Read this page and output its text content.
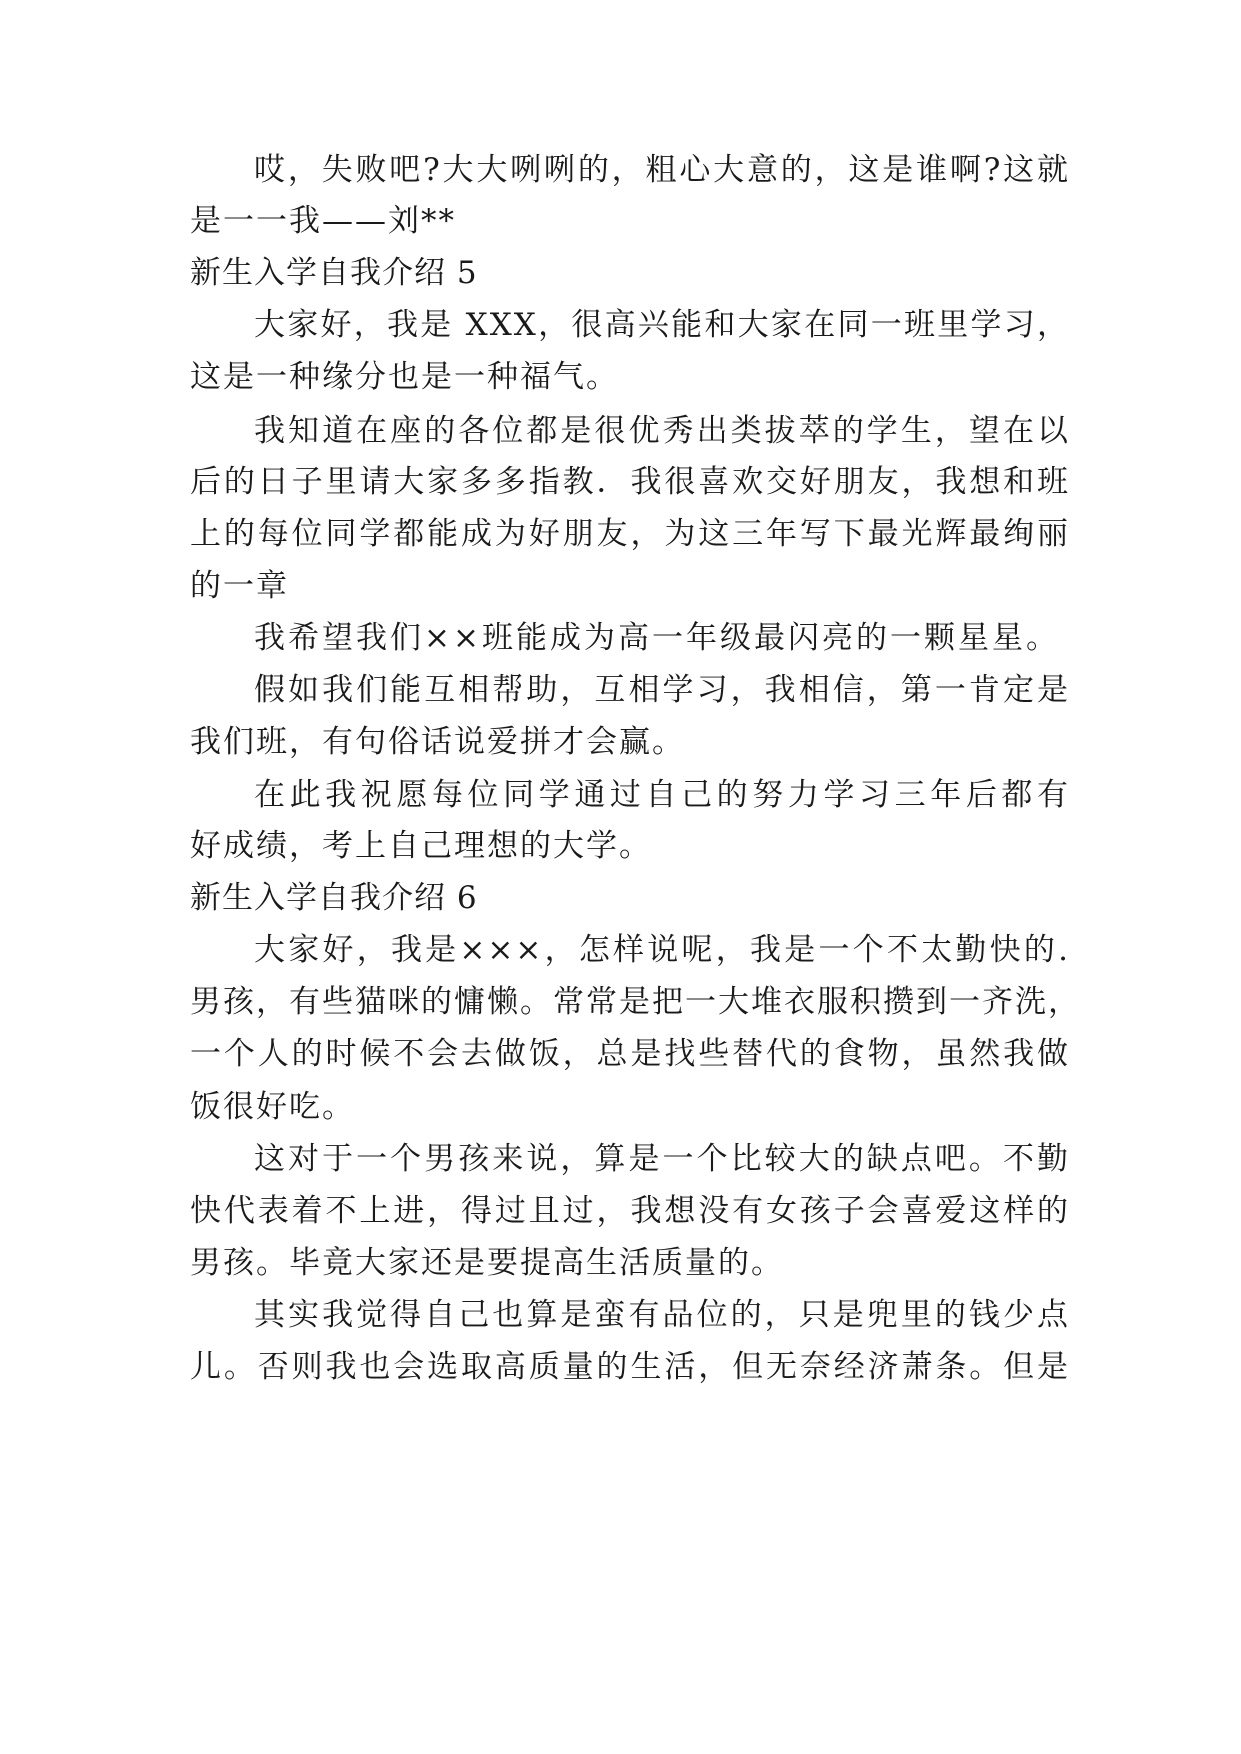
哎，失败吧?大大咧咧的，粗心大意的，这是谁啊?这就
是一一我——刘**
新生入学自我介绍 5
大家好，我是 XXX，很高兴能和大家在同一班里学习，
这是一种缘分也是一种福气。
我知道在座的各位都是很优秀出类拔萃的学生，望在以
后的日子里请大家多多指教．我很喜欢交好朋友，我想和班
上的每位同学都能成为好朋友，为这三年写下最光辉最绚丽
的一章
我希望我们××班能成为高一年级最闪亮的一颗星星。
假如我们能互相帮助，互相学习，我相信，第一肯定是
我们班，有句俗话说爱拼才会赢。
在此我祝愿每位同学通过自己的努力学习三年后都有
好成绩，考上自己理想的大学。
新生入学自我介绍 6
大家好，我是×××，怎样说呢，我是一个不太勤快的.
男孩，有些猫咪的慵懒。常常是把一大堆衣服积攒到一齐洗，
一个人的时候不会去做饭，总是找些替代的食物，虽然我做
饭很好吃。
这对于一个男孩来说，算是一个比较大的缺点吧。不勤
快代表着不上进，得过且过，我想没有女孩子会喜爱这样的
男孩。毕竟大家还是要提高生活质量的。
其实我觉得自己也算是蛮有品位的，只是兜里的钱少点
儿。否则我也会选取高质量的生活，但无奈经济萧条。但是
